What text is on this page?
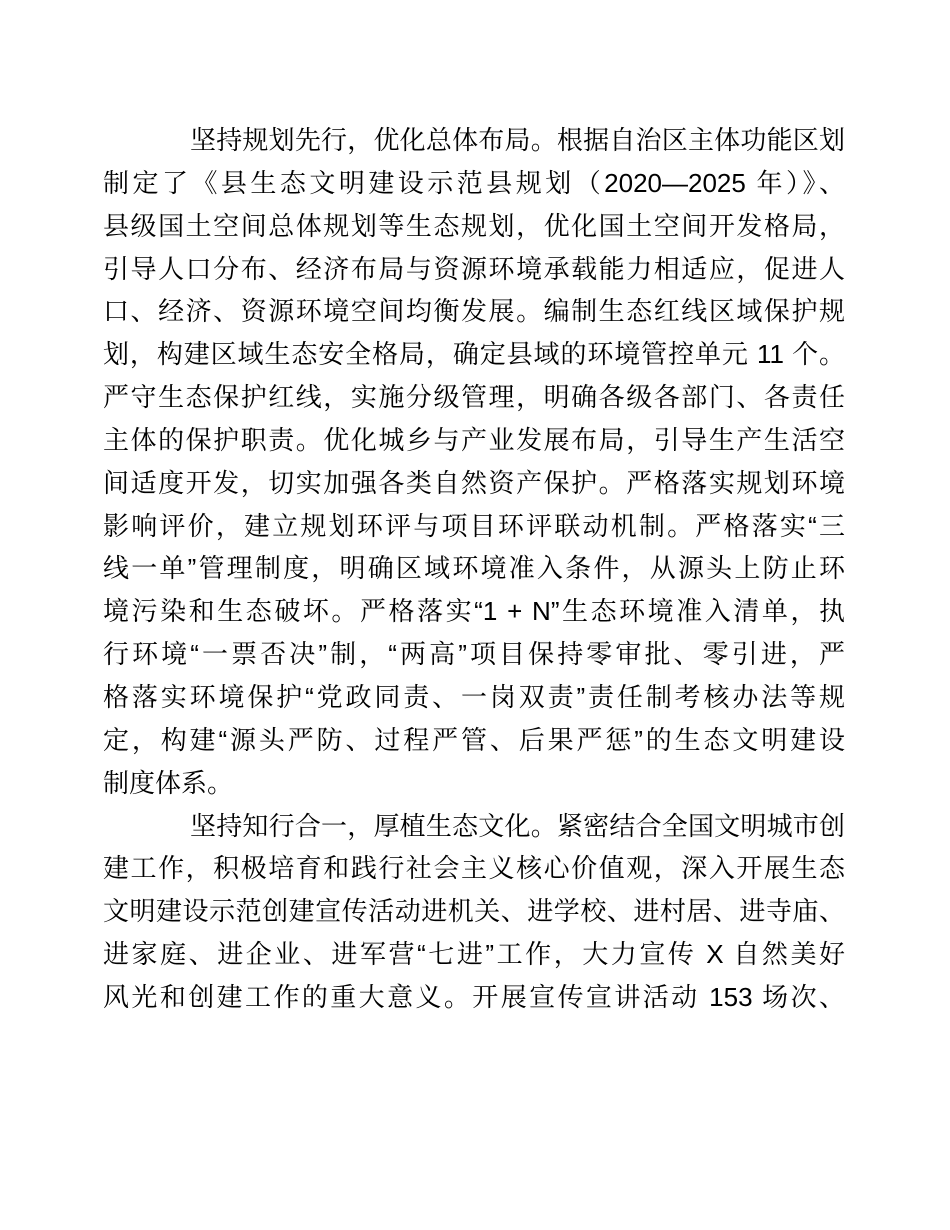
坚持规划先行，优化总体布局。根据自治区主体功能区划
制定了《县生态文明建设示范县规划（2020—2025 年）》、
县级国土空间总体规划等生态规划，优化国土空间开发格局，
引导人口分布、经济布局与资源环境承载能力相适应，促进人
口、经济、资源环境空间均衡发展。编制生态红线区域保护规
划，构建区域生态安全格局，确定县域的环境管控单元 11 个。
严守生态保护红线，实施分级管理，明确各级各部门、各责任
主体的保护职责。优化城乡与产业发展布局，引导生产生活空
间适度开发，切实加强各类自然资产保护。严格落实规划环境
影响评价，建立规划环评与项目环评联动机制。严格落实“三
线一单”管理制度，明确区域环境准入条件，从源头上防止环
境污染和生态破坏。严格落实“1 + N”生态环境准入清单，执
行环境“一票否决”制，“两高”项目保持零审批、零引进，严
格落实环境保护“党政同责、一岗双责”责任制考核办法等规
定，构建“源头严防、过程严管、后果严惩”的生态文明建设
制度体系。
坚持知行合一，厚植生态文化。紧密结合全国文明城市创
建工作，积极培育和践行社会主义核心价值观，深入开展生态
文明建设示范创建宣传活动进机关、进学校、进村居、进寺庙、
进家庭、进企业、进军营“七进”工作，大力宣传 X 自然美好
风光和创建工作的重大意义。开展宣传宣讲活动 153 场次、
